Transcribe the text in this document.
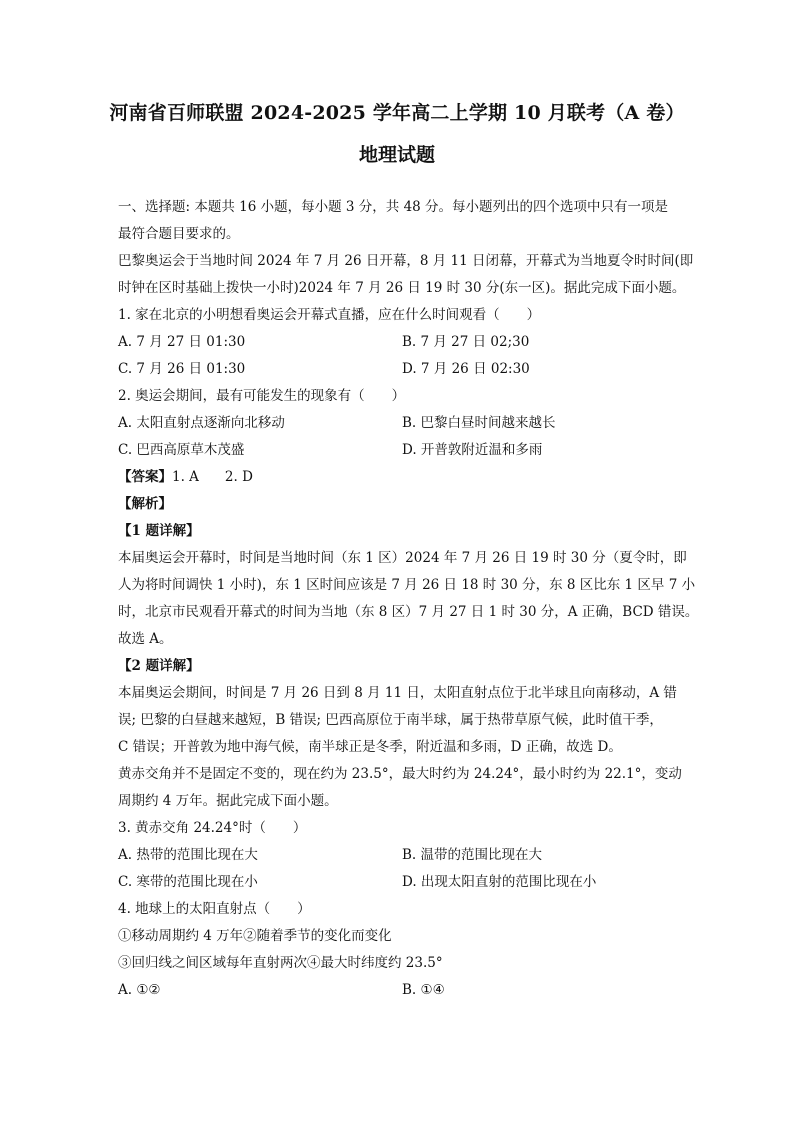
河南省百师联盟 2024-2025 学年高二上学期 10 月联考（A 卷）
地理试题
一、选择题: 本题共 16 小题，每小题 3 分，共 48 分。每小题列出的四个选项中只有一项是
最符合题目要求的。
巴黎奥运会于当地时间 2024 年 7 月 26 日开幕，8 月 11 日闭幕，开幕式为当地夏令时时间(即
时钟在区时基础上拨快一小时)2024 年 7 月 26 日 19 时 30 分(东一区)。据此完成下面小题。
1. 家在北京的小明想看奥运会开幕式直播，应在什么时间观看（　　）
A. 7 月 27 日 01:30	B. 7 月 27 日 02;30
C. 7 月 26 日 01:30	D. 7 月 26 日 02:30
2. 奥运会期间，最有可能发生的现象有（　　）
A. 太阳直射点逐渐向北移动	B. 巴黎白昼时间越来越长
C. 巴西高原草木茂盛	D. 开普敦附近温和多雨
【答案】1. A 2. D
【解析】
【1 题详解】
本届奥运会开幕时，时间是当地时间（东 1 区）2024 年 7 月 26 日 19 时 30 分（夏令时，即
人为将时间调快 1 小时)，东 1 区时间应该是 7 月 26 日 18 时 30 分，东 8 区比东 1 区早 7 小
时，北京市民观看开幕式的时间为当地（东 8 区）7 月 27 日 1 时 30 分，A 正确，BCD 错误。
故选 A。
【2 题详解】
本届奥运会期间，时间是 7 月 26 日到 8 月 11 日，太阳直射点位于北半球且向南移动，A 错
误; 巴黎的白昼越来越短，B 错误; 巴西高原位于南半球，属于热带草原气候，此时值干季，
C 错误；开普敦为地中海气候，南半球正是冬季，附近温和多雨，D 正确，故选 D。
黄赤交角并不是固定不变的，现在约为 23.5°，最大时约为 24.24°，最小时约为 22.1°，变动
周期约 4 万年。据此完成下面小题。
3. 黄赤交角 24.24°时（　　）
A. 热带的范围比现在大	B. 温带的范围比现在大
C. 寒带的范围比现在小	D. 出现太阳直射的范围比现在小
4. 地球上的太阳直射点（　　）
①移动周期约 4 万年②随着季节的变化而变化
③回归线之间区域每年直射两次④最大时纬度约 23.5°
A. ①②	B. ①④
